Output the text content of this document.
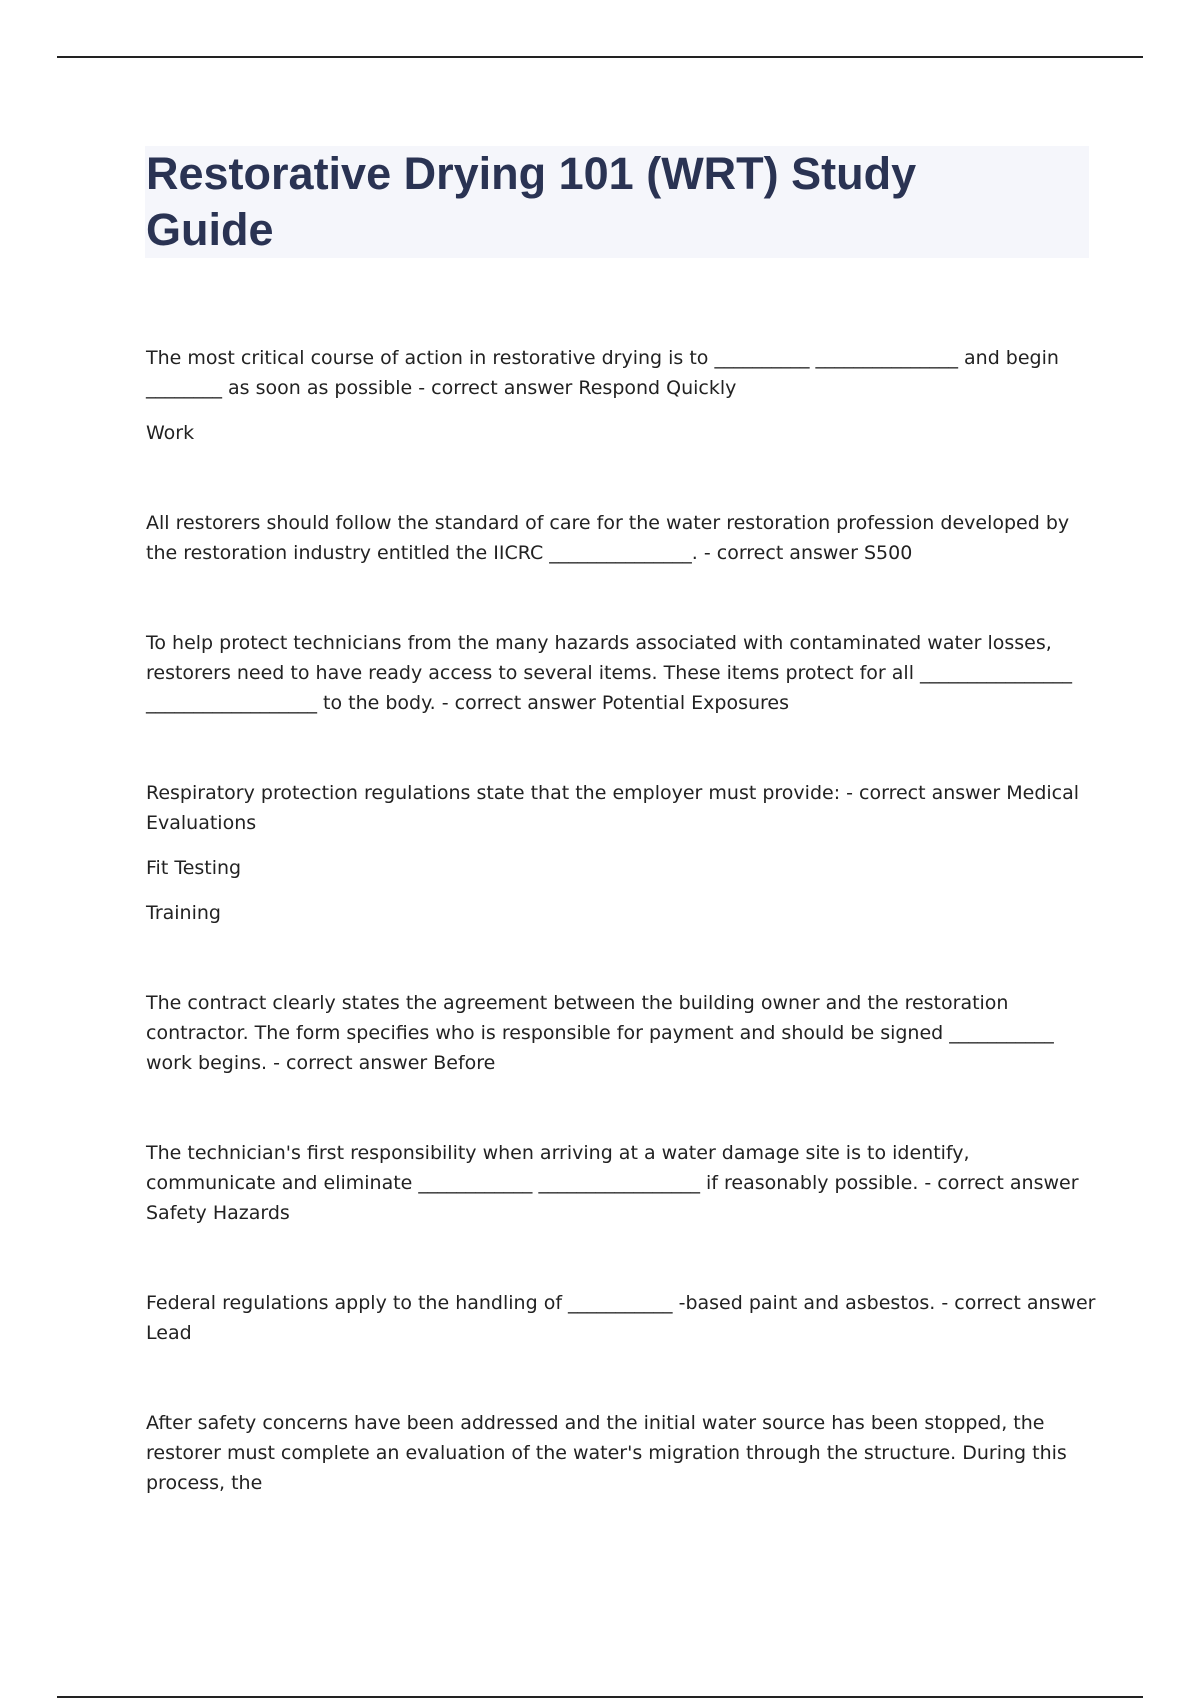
Restorative Drying 101 (WRT) Study Guide

The most critical course of action in restorative drying is to __________ _______________ and begin ________ as soon as possible - correct answer Respond Quickly

Work

All restorers should follow the standard of care for the water restoration profession developed by the restoration industry entitled the IICRC _______________. - correct answer S500

To help protect technicians from the many hazards associated with contaminated water losses, restorers need to have ready access to several items. These items protect for all ________________ __________________ to the body. - correct answer Potential Exposures

Respiratory protection regulations state that the employer must provide: - correct answer Medical Evaluations

Fit Testing

Training

The contract clearly states the agreement between the building owner and the restoration contractor. The form specifies who is responsible for payment and should be signed ___________ work begins. - correct answer Before

The technician's first responsibility when arriving at a water damage site is to identify, communicate and eliminate ____________ _________________ if reasonably possible. - correct answer Safety Hazards

Federal regulations apply to the handling of ___________ -based paint and asbestos. - correct answer Lead

After safety concerns have been addressed and the initial water source has been stopped, the restorer must complete an evaluation of the water's migration through the structure. During this process, the
